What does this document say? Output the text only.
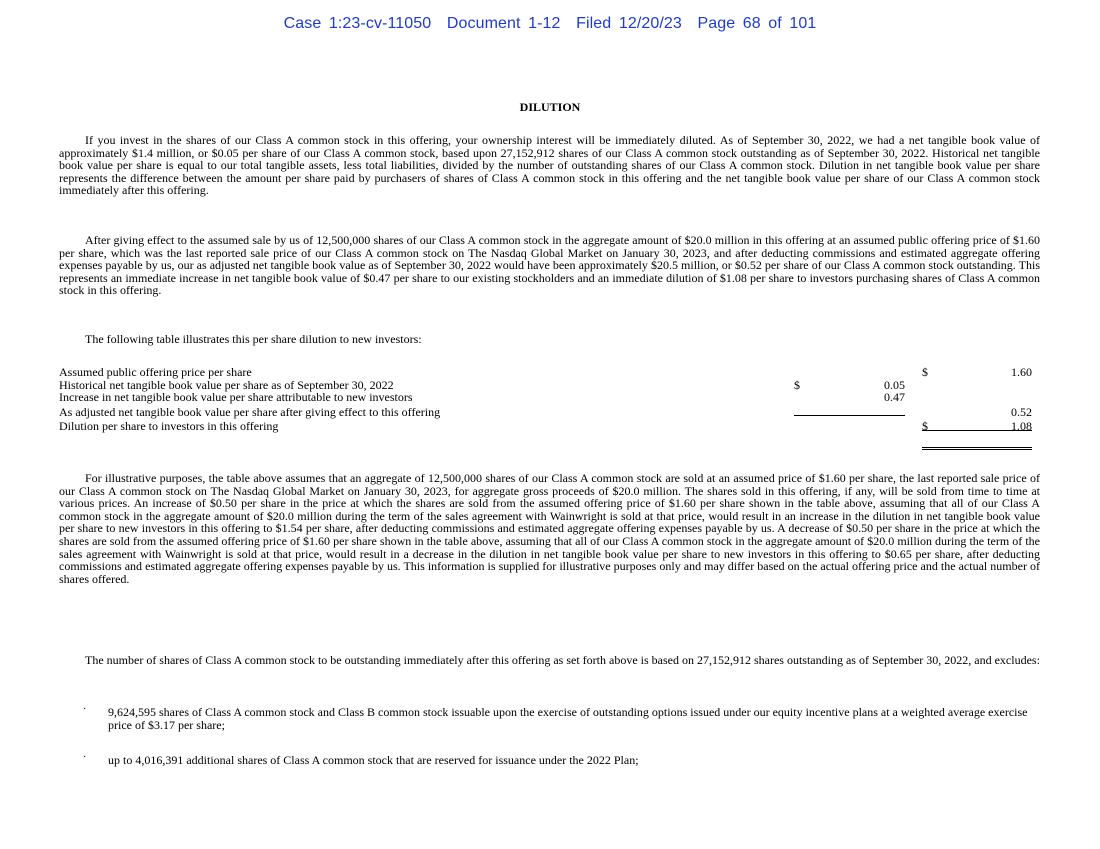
Case 1:23-cv-11050 Document 1-12 Filed 12/20/23 Page 68 of 101
DILUTION

If you invest in the shares of our Class A common stock in this offering, your ownership interest will be immediately diluted. As of September 30, 2022, we had a net tangible book value of approximately $1.4 million, or $0.05 per share of our Class A common stock, based upon 27,152,912 shares of our Class A common stock outstanding as of September 30, 2022. Historical net tangible book value per share is equal to our total tangible assets, less total liabilities, divided by the number of outstanding shares of our Class A common stock. Dilution in net tangible book value per share represents the difference between the amount per share paid by purchasers of shares of Class A common stock in this offering and the net tangible book value per share of our Class A common stock immediately after this offering.

After giving effect to the assumed sale by us of 12,500,000 shares of our Class A common stock in the aggregate amount of $20.0 million in this offering at an assumed public offering price of $1.60 per share, which was the last reported sale price of our Class A common stock on The Nasdaq Global Market on January 30, 2023, and after deducting commissions and estimated aggregate offering expenses payable by us, our as adjusted net tangible book value as of September 30, 2022 would have been approximately $20.5 million, or $0.52 per share of our Class A common stock outstanding. This represents an immediate increase in net tangible book value of $0.47 per share to our existing stockholders and an immediate dilution of $1.08 per share to investors purchasing shares of Class A common stock in this offering.

The following table illustrates this per share dilution to new investors:

Assumed public offering price per share	$	1.60
Historical net tangible book value per share as of September 30, 2022	$	0.05
Increase in net tangible book value per share attributable to new investors	0.47
As adjusted net tangible book value per share after giving effect to this offering	0.52
Dilution per share to investors in this offering	$	1.08

For illustrative purposes, the table above assumes that an aggregate of 12,500,000 shares of our Class A common stock are sold at an assumed price of $1.60 per share, the last reported sale price of our Class A common stock on The Nasdaq Global Market on January 30, 2023, for aggregate gross proceeds of $20.0 million. The shares sold in this offering, if any, will be sold from time to time at various prices. An increase of $0.50 per share in the price at which the shares are sold from the assumed offering price of $1.60 per share shown in the table above, assuming that all of our Class A common stock in the aggregate amount of $20.0 million during the term of the sales agreement with Wainwright is sold at that price, would result in an increase in the dilution in net tangible book value per share to new investors in this offering to $1.54 per share, after deducting commissions and estimated aggregate offering expenses payable by us. A decrease of $0.50 per share in the price at which the shares are sold from the assumed offering price of $1.60 per share shown in the table above, assuming that all of our Class A common stock in the aggregate amount of $20.0 million during the term of the sales agreement with Wainwright is sold at that price, would result in a decrease in the dilution in net tangible book value per share to new investors in this offering to $0.65 per share, after deducting commissions and estimated aggregate offering expenses payable by us. This information is supplied for illustrative purposes only and may differ based on the actual offering price and the actual number of shares offered.

The number of shares of Class A common stock to be outstanding immediately after this offering as set forth above is based on 27,152,912 shares outstanding as of September 30, 2022, and excludes:

· 9,624,595 shares of Class A common stock and Class B common stock issuable upon the exercise of outstanding options issued under our equity incentive plans at a weighted average exercise price of $3.17 per share;
· up to 4,016,391 additional shares of Class A common stock that are reserved for issuance under the 2022 Plan;
